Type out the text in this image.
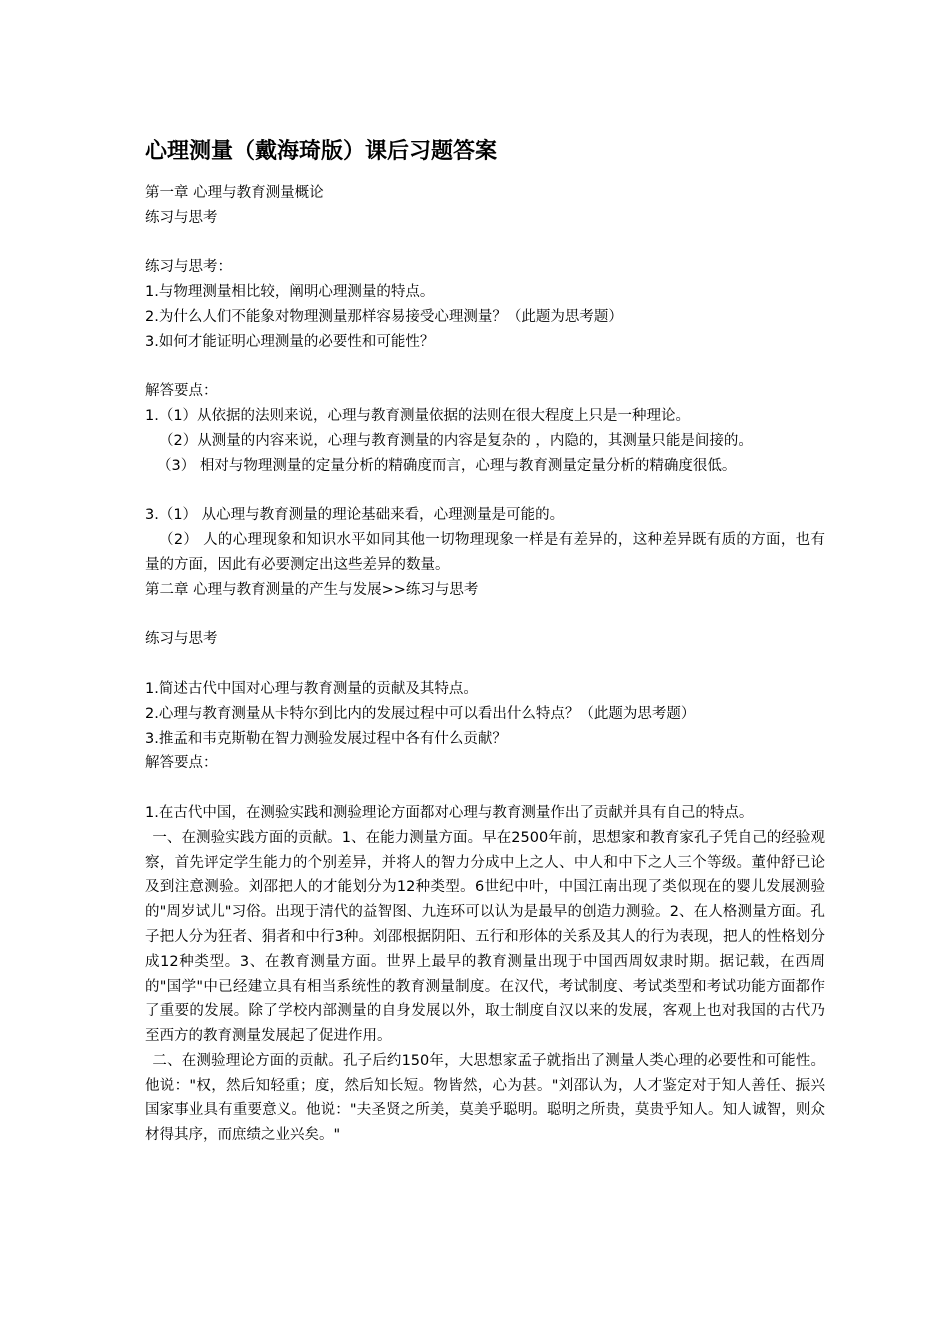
心理测量（戴海琦版）课后习题答案
第一章 心理与教育测量概论
练习与思考
练习与思考：
1.与物理测量相比较，阐明心理测量的特点。
2.为什么人们不能象对物理测量那样容易接受心理测量？（此题为思考题）
3.如何才能证明心理测量的必要性和可能性？
解答要点：
1.（1）从依据的法则来说，心理与教育测量依据的法则在很大程度上只是一种理论。
（2）从测量的内容来说，心理与教育测量的内容是复杂的 ，内隐的，其测量只能是间接的。
（3） 相对与物理测量的定量分析的精确度而言，心理与教育测量定量分析的精确度很低。
3.（1） 从心理与教育测量的理论基础来看，心理测量是可能的。

（2） 人的心理现象和知识水平如同其他一切物理现象一样是有差异的，这种差异既有质的方面，也有量的方面，因此有必要测定出这些差异的数量。

第二章 心理与教育测量的产生与发展>>练习与思考
练习与思考
1.简述古代中国对心理与教育测量的贡献及其特点。
2.心理与教育测量从卡特尔到比内的发展过程中可以看出什么特点？（此题为思考题）
3.推孟和韦克斯勒在智力测验发展过程中各有什么贡献？
解答要点：

1.在古代中国，在测验实践和测验理论方面都对心理与教育测量作出了贡献并具有自己的特点。

 一、在测验实践方面的贡献。1、在能力测量方面。早在2500年前，思想家和教育家孔子凭自己的经验观察，首先评定学生能力的个别差异，并将人的智力分成中上之人、中人和中下之人三个等级。董仲舒已论及到注意测验。刘邵把人的才能划分为12种类型。6世纪中叶，中国江南出现了类似现在的婴儿发展测验的"周岁试儿"习俗。出现于清代的益智图、九连环可以认为是最早的创造力测验。2、在人格测量方面。孔子把人分为狂者、狷者和中行3种。刘邵根据阴阳、五行和形体的关系及其人的行为表现，把人的性格划分成12种类型。3、在教育测量方面。世界上最早的教育测量出现于中国西周奴隶时期。据记载，在西周的"国学"中已经建立具有相当系统性的教育测量制度。在汉代，考试制度、考试类型和考试功能方面都作了重要的发展。除了学校内部测量的自身发展以外，取士制度自汉以来的发展，客观上也对我国的古代乃至西方的教育测量发展起了促进作用。

 二、在测验理论方面的贡献。孔子后约150年，大思想家孟子就指出了测量人类心理的必要性和可能性。他说："权，然后知轻重；度，然后知长短。物皆然，心为甚。"刘邵认为，人才鉴定对于知人善任、振兴国家事业具有重要意义。他说："夫圣贤之所美，莫美乎聪明。聪明之所贵，莫贵乎知人。知人诚智，则众材得其序，而庶绩之业兴矣。"
